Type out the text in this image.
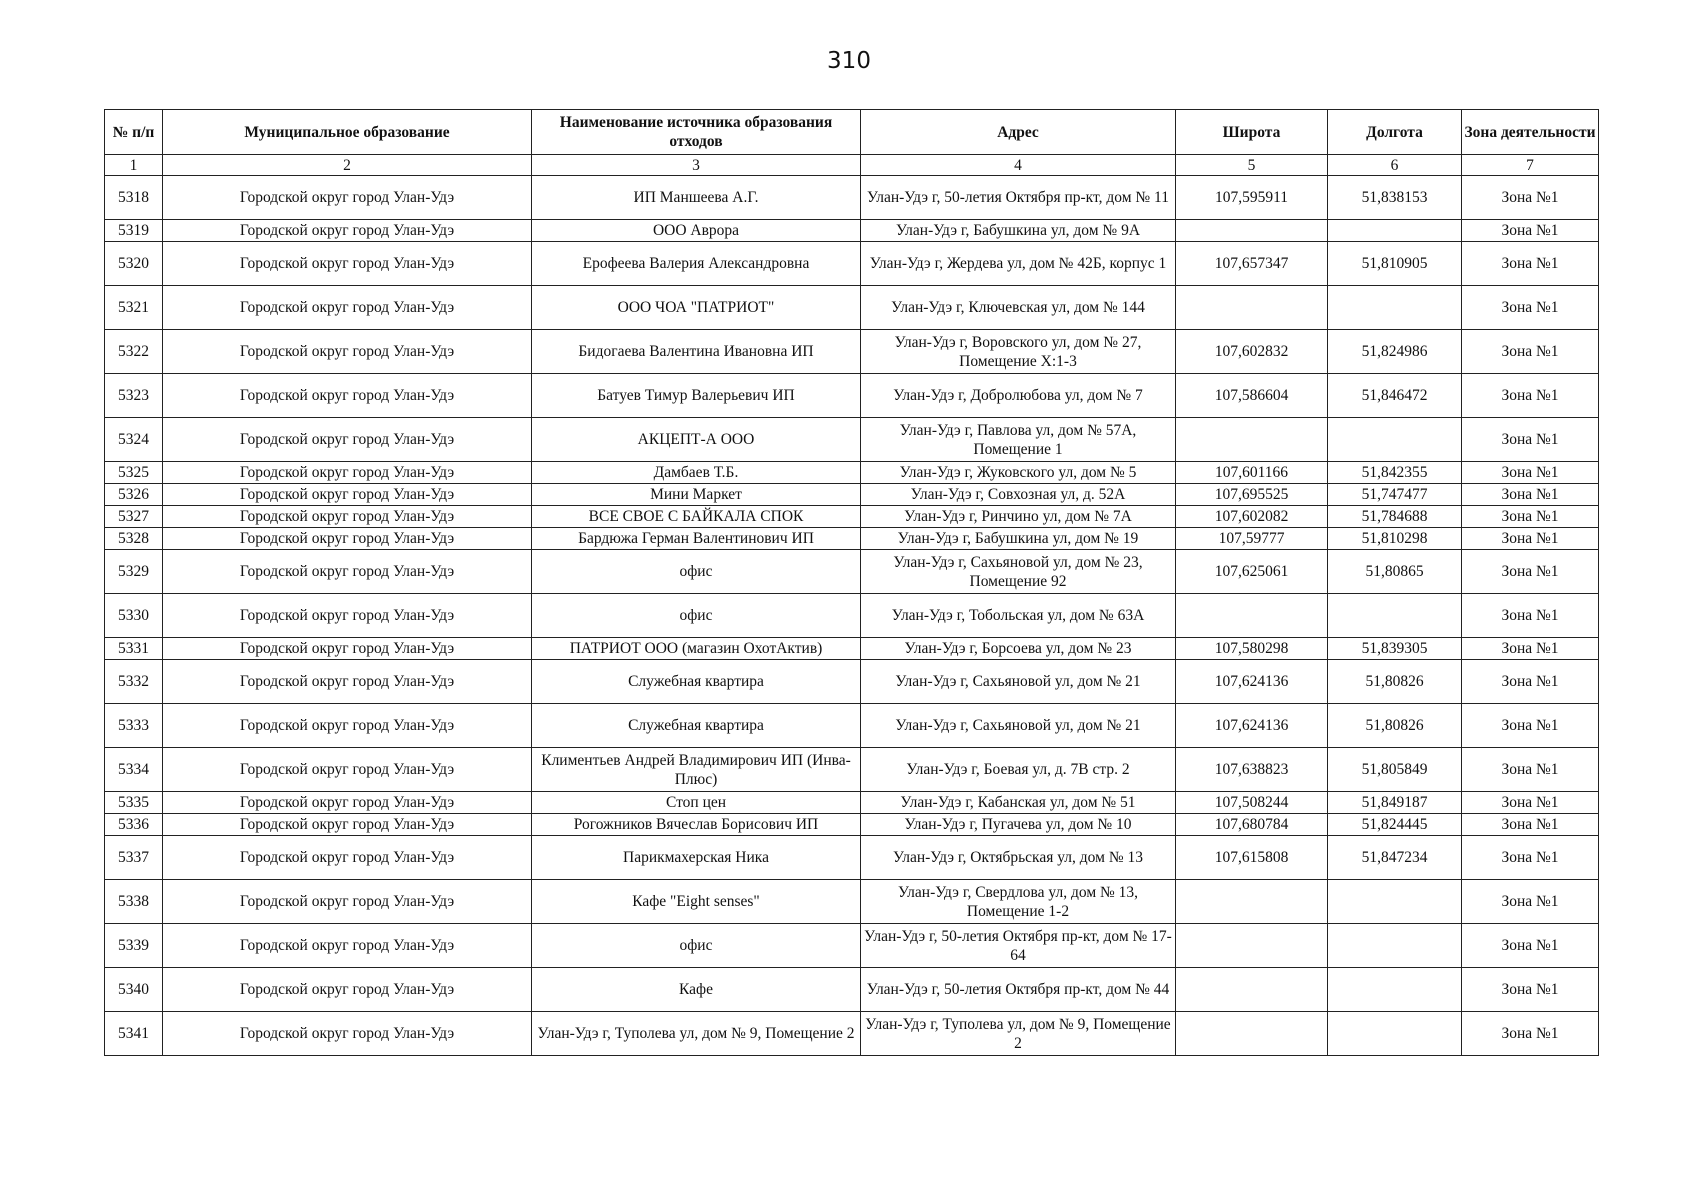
310
№ п/п	Муниципальное образование	Наименование источника образования отходов	Адрес	Широта	Долгота	Зона деятельности
1	2	3	4	5	6	7
5318	Городской округ город Улан-Удэ	ИП Маншеева А.Г.	Улан-Удэ г, 50-летия Октября пр-кт, дом № 11	107,595911	51,838153	Зона №1
5319	Городской округ город Улан-Удэ	ООО Аврора	Улан-Удэ г, Бабушкина ул, дом № 9А			Зона №1
5320	Городской округ город Улан-Удэ	Ерофеева Валерия Александровна	Улан-Удэ г, Жердева ул, дом № 42Б, корпус 1	107,657347	51,810905	Зона №1
5321	Городской округ город Улан-Удэ	ООО ЧОА "ПАТРИОТ"	Улан-Удэ г, Ключевская ул, дом № 144			Зона №1
5322	Городской округ город Улан-Удэ	Бидогаева Валентина Ивановна ИП	Улан-Удэ г, Воровского ул, дом № 27, Помещение X:1-3	107,602832	51,824986	Зона №1
5323	Городской округ город Улан-Удэ	Батуев Тимур Валерьевич ИП	Улан-Удэ г, Добролюбова ул, дом № 7	107,586604	51,846472	Зона №1
5324	Городской округ город Улан-Удэ	АКЦЕПТ-А ООО	Улан-Удэ г, Павлова ул, дом № 57А, Помещение 1			Зона №1
5325	Городской округ город Улан-Удэ	Дамбаев Т.Б.	Улан-Удэ г, Жуковского ул, дом № 5	107,601166	51,842355	Зона №1
5326	Городской округ город Улан-Удэ	Мини Маркет	Улан-Удэ г, Совхозная ул, д. 52А	107,695525	51,747477	Зона №1
5327	Городской округ город Улан-Удэ	ВСЕ СВОЕ С БАЙКАЛА СПОК	Улан-Удэ г, Ринчино ул, дом № 7А	107,602082	51,784688	Зона №1
5328	Городской округ город Улан-Удэ	Бардюжа Герман Валентинович ИП	Улан-Удэ г, Бабушкина ул, дом № 19	107,59777	51,810298	Зона №1
5329	Городской округ город Улан-Удэ	офис	Улан-Удэ г, Сахьяновой ул, дом № 23, Помещение 92	107,625061	51,80865	Зона №1
5330	Городской округ город Улан-Удэ	офис	Улан-Удэ г, Тобольская ул, дом № 63А			Зона №1
5331	Городской округ город Улан-Удэ	ПАТРИОТ ООО (магазин ОхотАктив)	Улан-Удэ г, Борсоева ул, дом № 23	107,580298	51,839305	Зона №1
5332	Городской округ город Улан-Удэ	Служебная квартира	Улан-Удэ г, Сахьяновой ул, дом № 21	107,624136	51,80826	Зона №1
5333	Городской округ город Улан-Удэ	Служебная квартира	Улан-Удэ г, Сахьяновой ул, дом № 21	107,624136	51,80826	Зона №1
5334	Городской округ город Улан-Удэ	Климентьев Андрей Владимирович ИП (Инва-Плюс)	Улан-Удэ г, Боевая ул, д. 7В стр. 2	107,638823	51,805849	Зона №1
5335	Городской округ город Улан-Удэ	Стоп цен	Улан-Удэ г, Кабанская ул, дом № 51	107,508244	51,849187	Зона №1
5336	Городской округ город Улан-Удэ	Рогожников Вячеслав Борисович ИП	Улан-Удэ г, Пугачева ул, дом № 10	107,680784	51,824445	Зона №1
5337	Городской округ город Улан-Удэ	Парикмахерская Ника	Улан-Удэ г, Октябрьская ул, дом № 13	107,615808	51,847234	Зона №1
5338	Городской округ город Улан-Удэ	Кафе "Eight senses"	Улан-Удэ г, Свердлова ул, дом № 13, Помещение 1-2			Зона №1
5339	Городской округ город Улан-Удэ	офис	Улан-Удэ г, 50-летия Октября пр-кт, дом № 17-64			Зона №1
5340	Городской округ город Улан-Удэ	Кафе	Улан-Удэ г, 50-летия Октября пр-кт, дом № 44			Зона №1
5341	Городской округ город Улан-Удэ	Улан-Удэ г, Туполева ул, дом № 9, Помещение 2	Улан-Удэ г, Туполева ул, дом № 9, Помещение 2			Зона №1
